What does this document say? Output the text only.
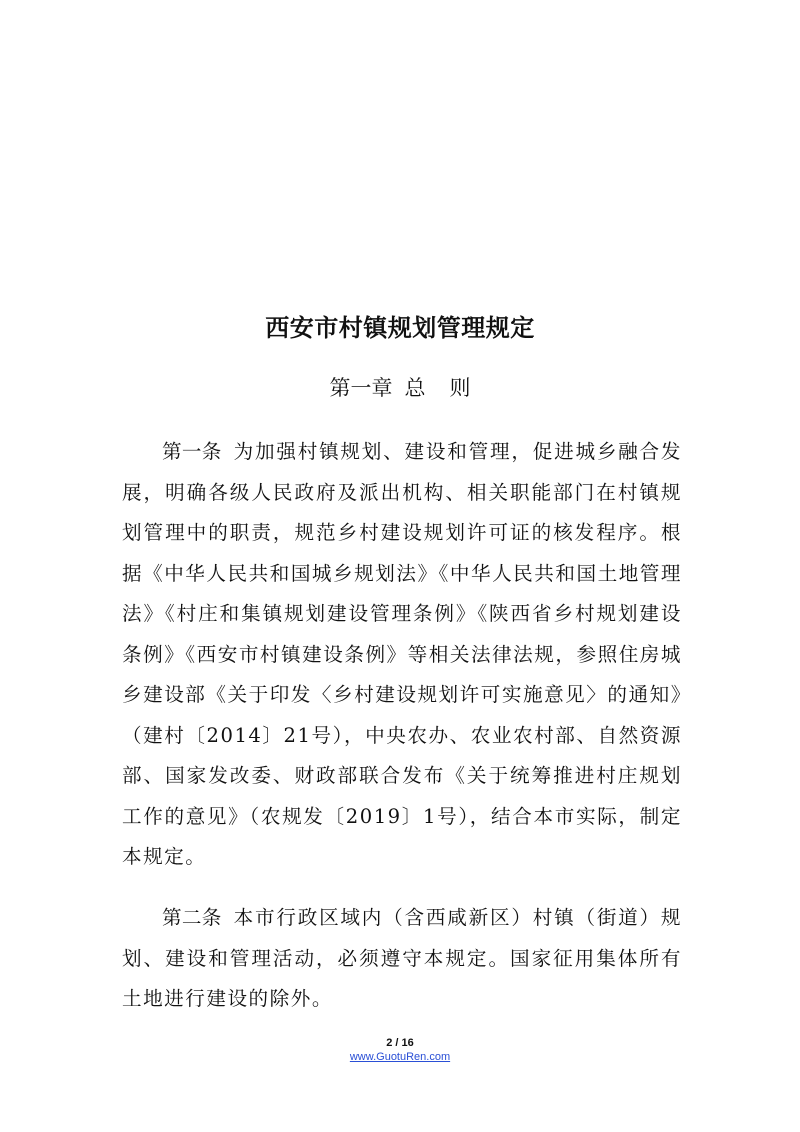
西安市村镇规划管理规定
第一章 总 则

第一条 为加强村镇规划、建设和管理，促进城乡融合发展，明确各级人民政府及派出机构、相关职能部门在村镇规划管理中的职责，规范乡村建设规划许可证的核发程序。根据《中华人民共和国城乡规划法》《中华人民共和国土地管理法》《村庄和集镇规划建设管理条例》《陕西省乡村规划建设条例》《西安市村镇建设条例》等相关法律法规，参照住房城乡建设部《关于印发〈乡村建设规划许可实施意见〉的通知》（建村〔2014〕21号），中央农办、农业农村部、自然资源部、国家发改委、财政部联合发布《关于统筹推进村庄规划工作的意见》（农规发〔2019〕1号），结合本市实际，制定本规定。

第二条 本市行政区域内（含西咸新区）村镇（街道）规划、建设和管理活动，必须遵守本规定。国家征用集体所有土地进行建设的除外。

2 / 16
www.GuotuRen.com
